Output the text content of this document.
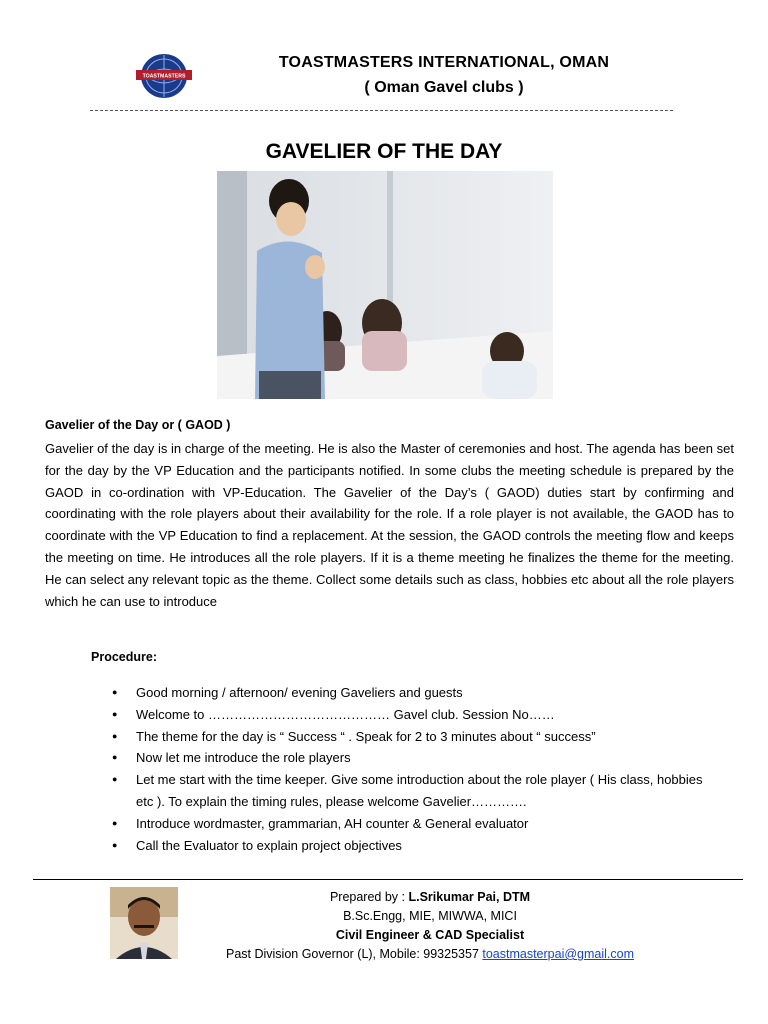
TOASTMASTERS
TOASTMASTERS INTERNATIONAL, OMAN
( Oman Gavel clubs )
GAVELIER OF THE DAY
Gavelier of the Day or ( GAOD )

Gavelier of the day is in charge of the meeting. He is also the Master of ceremonies and host. The agenda has been set for the day by the VP Education and the participants notified. In some clubs the meeting schedule is prepared by the GAOD in co-ordination with VP-Education. The Gavelier of the Day’s ( GAOD) duties start by confirming and coordinating with the role players about their availability for the role. If a role player is not available, the GAOD has to coordinate with the VP Education to find a replacement. At the session, the GAOD controls the meeting flow and keeps the meeting on time. He introduces all the role players. If it is a theme meeting he finalizes the theme for the meeting. He can select any relevant topic as the theme. Collect some details such as class, hobbies etc about all the role players which he can use to introduce

Procedure:
● Good morning / afternoon/ evening Gaveliers and guests
● Welcome to …………………………………… Gavel club. Session No……
● The theme for the day is “ Success “ . Speak for 2 to 3 minutes about “ success”
● Now let me introduce the role players
● Let me start with the time keeper. Give some introduction about the role player ( His class, hobbies etc ). To explain the timing rules, please welcome Gavelier………….
● Introduce wordmaster, grammarian, AH counter & General evaluator
● Call the Evaluator to explain project objectives
Prepared by : L.Srikumar Pai, DTM
B.Sc.Engg, MIE, MIWWA, MICI
Civil Engineer & CAD Specialist
Past Division Governor (L), Mobile: 99325357 toastmasterpai@gmail.com
